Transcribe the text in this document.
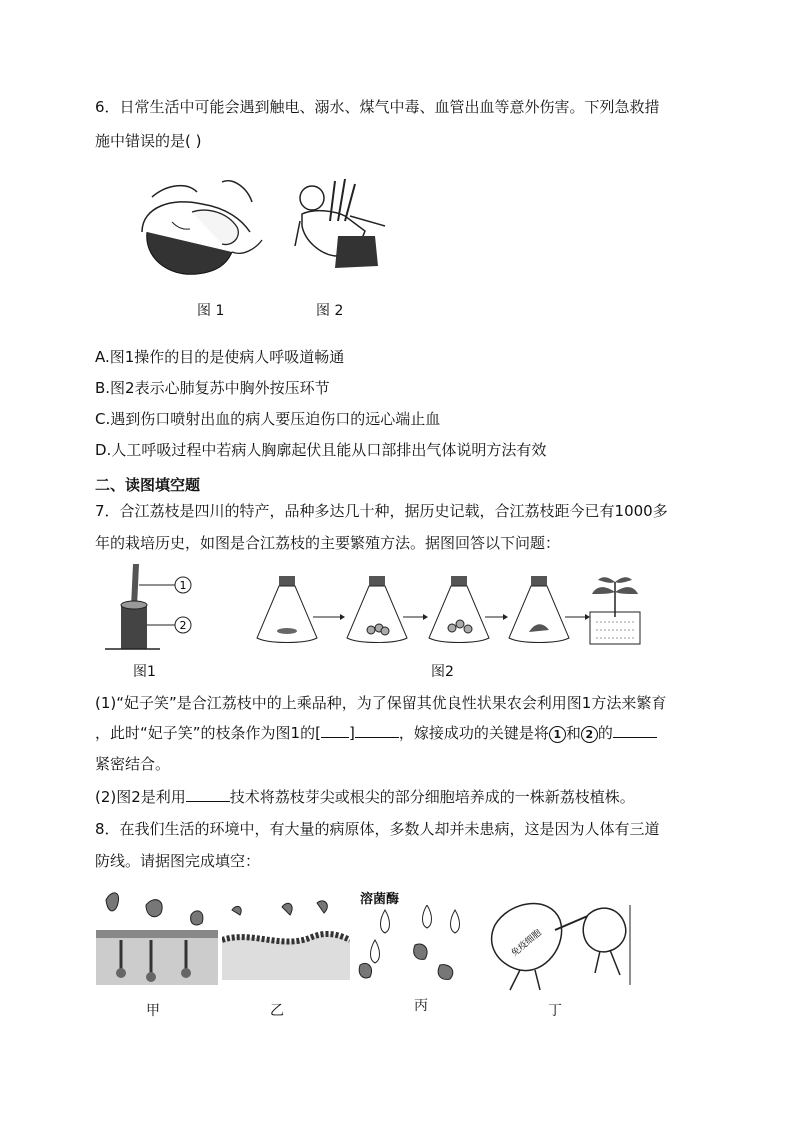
6．日常生活中可能会遇到触电、溺水、煤气中毒、血管出血等意外伤害。下列急救措
施中错误的是( )
图 1	图 2
A.图1操作的目的是使病人呼吸道畅通
B.图2表示心肺复苏中胸外按压环节
C.遇到伤口喷射出血的病人要压迫伤口的远心端止血
D.人工呼吸过程中若病人胸廓起伏且能从口部排出气体说明方法有效
二、读图填空题
7．合江荔枝是四川的特产，品种多达几十种，据历史记载，合江荔枝距今已有1000多
年的栽培历史，如图是合江荔枝的主要繁殖方法。据图回答以下问题：
1
2
图1	图2
(1)“妃子笑”是合江荔枝中的上乘品种，为了保留其优良性状果农会利用图1方法来繁育
，此时“妃子笑”的枝条作为图1的[ ]	，嫁接成功的关键是将 1 和 2 的
紧密结合。
(2)图2是利用	技术将荔枝芽尖或根尖的部分细胞培养成的一株新荔枝植株。
8．在我们生活的环境中，有大量的病原体，多数人却并未患病，这是因为人体有三道
防线。请据图完成填空：
甲	乙
溶菌酶
丙
免疫细胞
丁
